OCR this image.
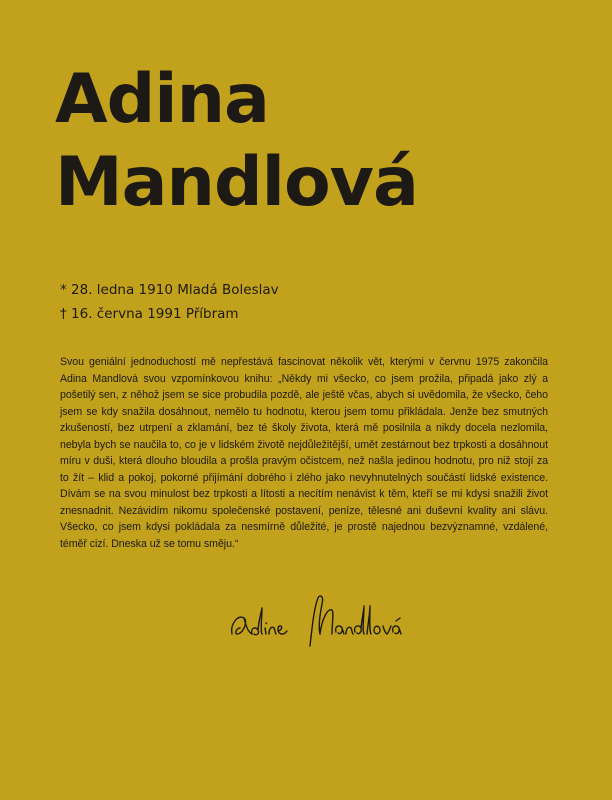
Adina
Mandlová
* 28. ledna 1910 Mladá Boleslav
† 16. června 1991 Příbram

Svou geniální jednoduchostí mě nepřestává fascinovat několik vět, kterými v červnu 1975 zakončila Adina Mandlová svou vzpomínkovou knihu: „Někdy mi všecko, co jsem prožila, připadá jako zlý a pošetilý sen, z něhož jsem se sice probudila pozdě, ale ještě včas, abych si uvědomila, že všecko, čeho jsem se kdy snažila dosáhnout, nemělo tu hodnotu, kterou jsem tomu přikládala. Jenže bez smutných zkušeností, bez utrpení a zklamání, bez té školy života, která mě posilnila a nikdy docela nezlomila, nebyla bych se naučila to, co je v lidském životě nejdůležitější, umět zestárnout bez trpkosti a dosáhnout míru v duši, která dlouho bloudila a prošla pravým očistcem, než našla jedinou hodnotu, pro niž stojí za to žít – klid a pokoj, pokorné přijímání dobrého i zlého jako nevyhnutelných součástí lidské existence. Dívám se na svou minulost bez trpkosti a lítosti a necítím nenávist k těm, kteří se mi kdysi snažili život znesnadnit. Nezávidím nikomu společenské postavení, peníze, tělesné ani duševní kvality ani slávu. Všecko, co jsem kdysi pokládala za nesmírně důležité, je prostě najednou bezvýznamné, vzdálené, téměř cizí. Dneska už se tomu směju.“
